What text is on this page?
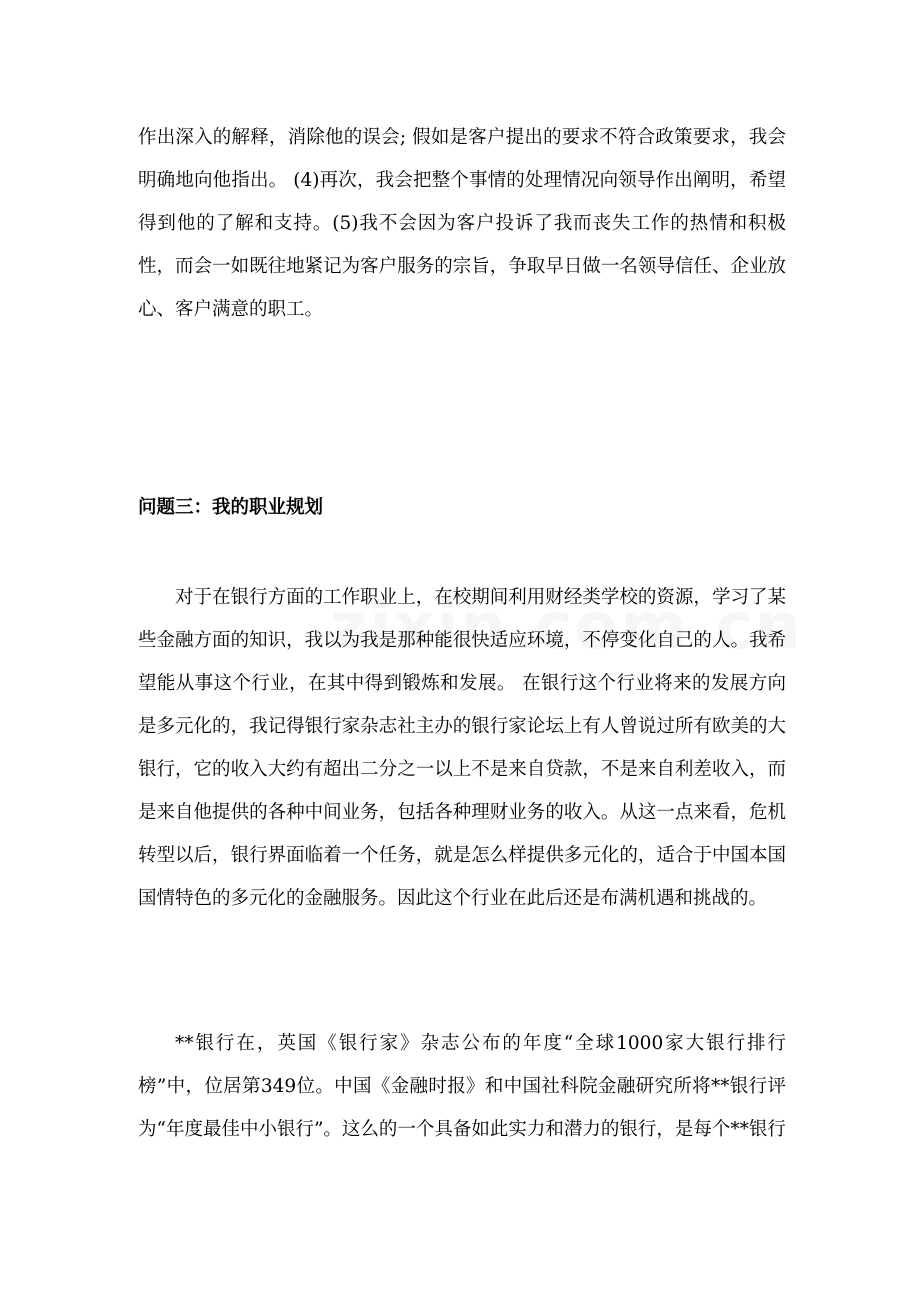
作出深入的解释，消除他的误会; 假如是客户提出的要求不符合政策要求，我会明确地向他指出。 (4)再次，我会把整个事情的处理情况向领导作出阐明，希望得到他的了解和支持。(5)我不会因为客户投诉了我而丧失工作的热情和积极性，而会一如既往地紧记为客户服务的宗旨，争取早日做一名领导信任、企业放心、客户满意的职工。

问题三：我的职业规划

对于在银行方面的工作职业上，在校期间利用财经类学校的资源，学习了某些金融方面的知识，我以为我是那种能很快适应环境，不停变化自己的人。我希望能从事这个行业，在其中得到锻炼和发展。 在银行这个行业将来的发展方向是多元化的，我记得银行家杂志社主办的银行家论坛上有人曾说过所有欧美的大银行，它的收入大约有超出二分之一以上不是来自贷款，不是来自利差收入，而是来自他提供的各种中间业务，包括各种理财业务的收入。从这一点来看，危机转型以后，银行界面临着一个任务，就是怎么样提供多元化的，适合于中国本国国情特色的多元化的金融服务。因此这个行业在此后还是布满机遇和挑战的。

**银行在，英国《银行家》杂志公布的年度“全球1000家大银行排行榜”中，位居第349位。中国《金融时报》和中国社科院金融研究所将**银行评为“年度最佳中小银行”。这么的一个具备如此实力和潜力的银行，是每个**银行
